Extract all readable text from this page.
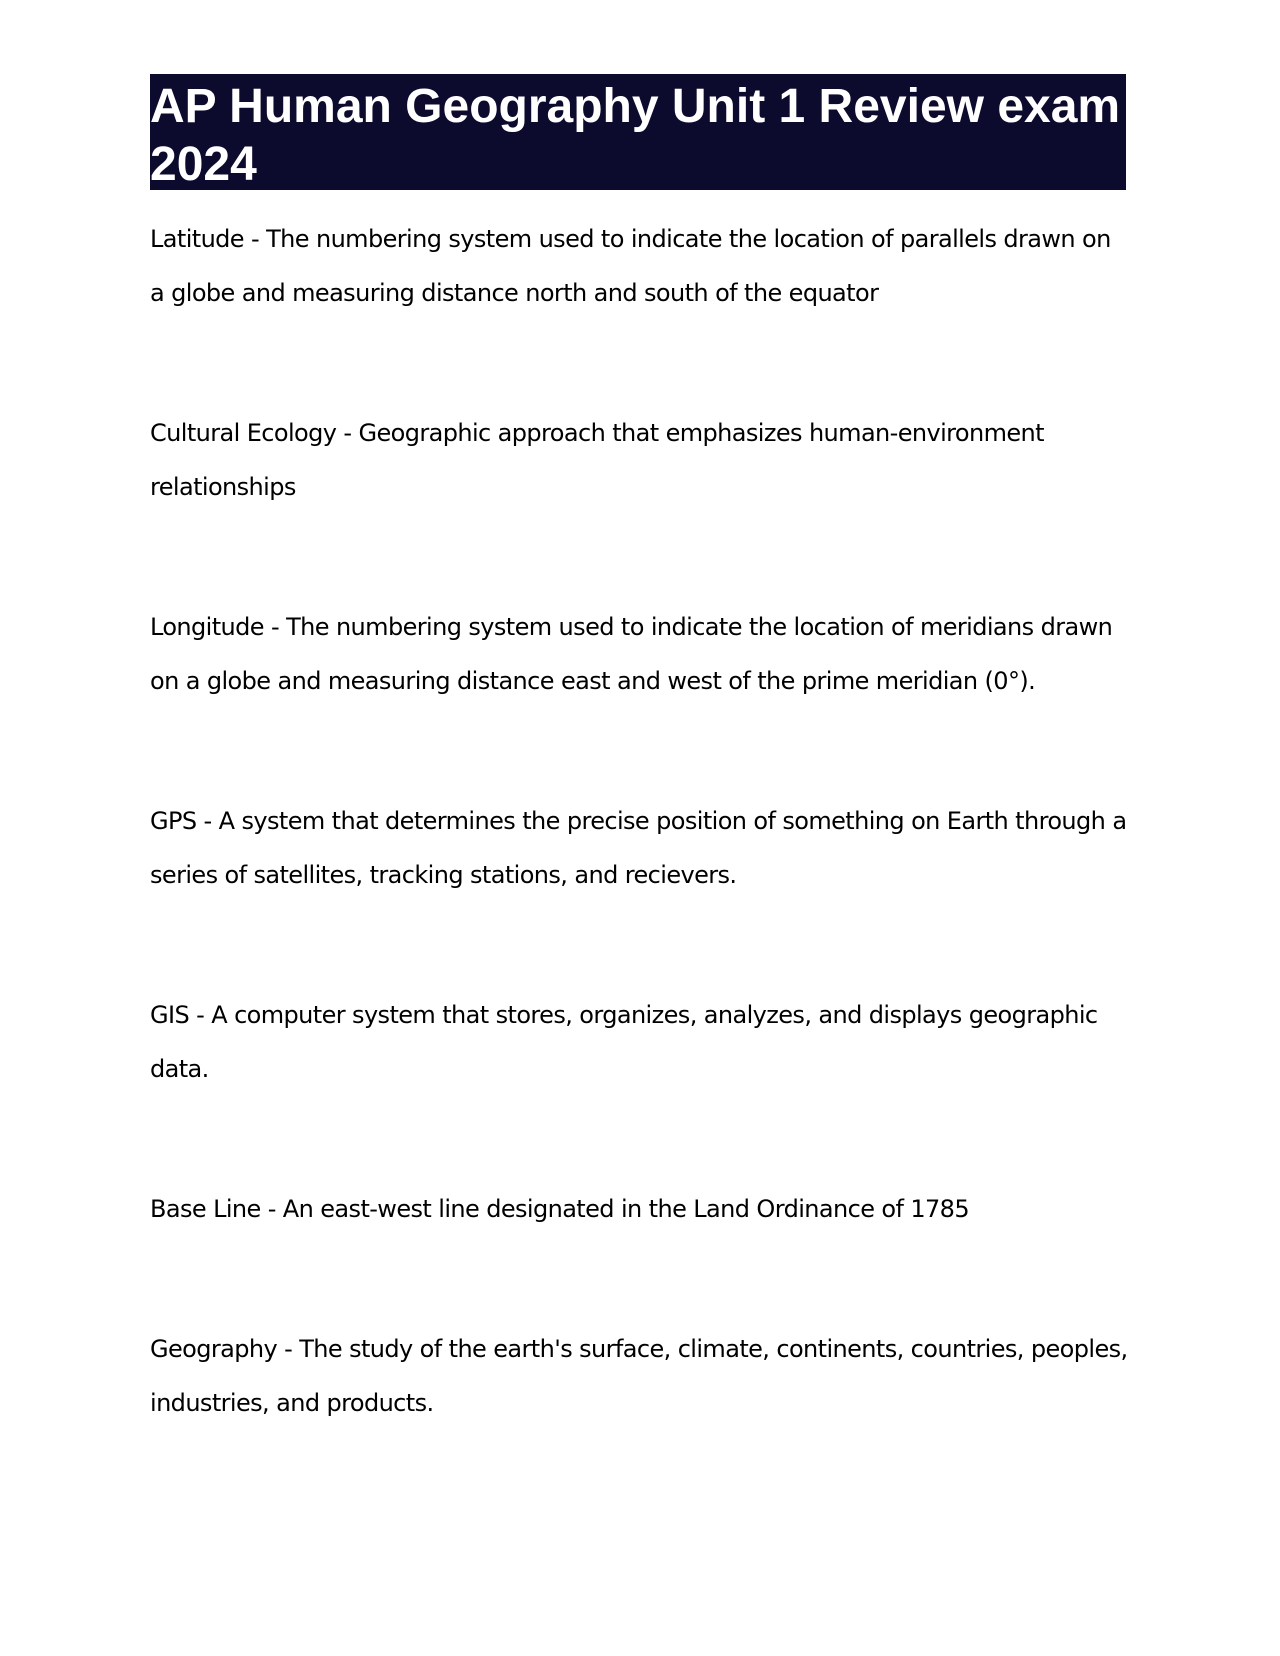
AP Human Geography Unit 1 Review exam 2024

Latitude - The numbering system used to indicate the location of parallels drawn on a globe and measuring distance north and south of the equator

Cultural Ecology - Geographic approach that emphasizes human-environment relationships

Longitude - The numbering system used to indicate the location of meridians drawn on a globe and measuring distance east and west of the prime meridian (0°).

GPS - A system that determines the precise position of something on Earth through a series of satellites, tracking stations, and recievers.

GIS - A computer system that stores, organizes, analyzes, and displays geographic data.

Base Line - An east-west line designated in the Land Ordinance of 1785

Geography - The study of the earth's surface, climate, continents, countries, peoples, industries, and products.
